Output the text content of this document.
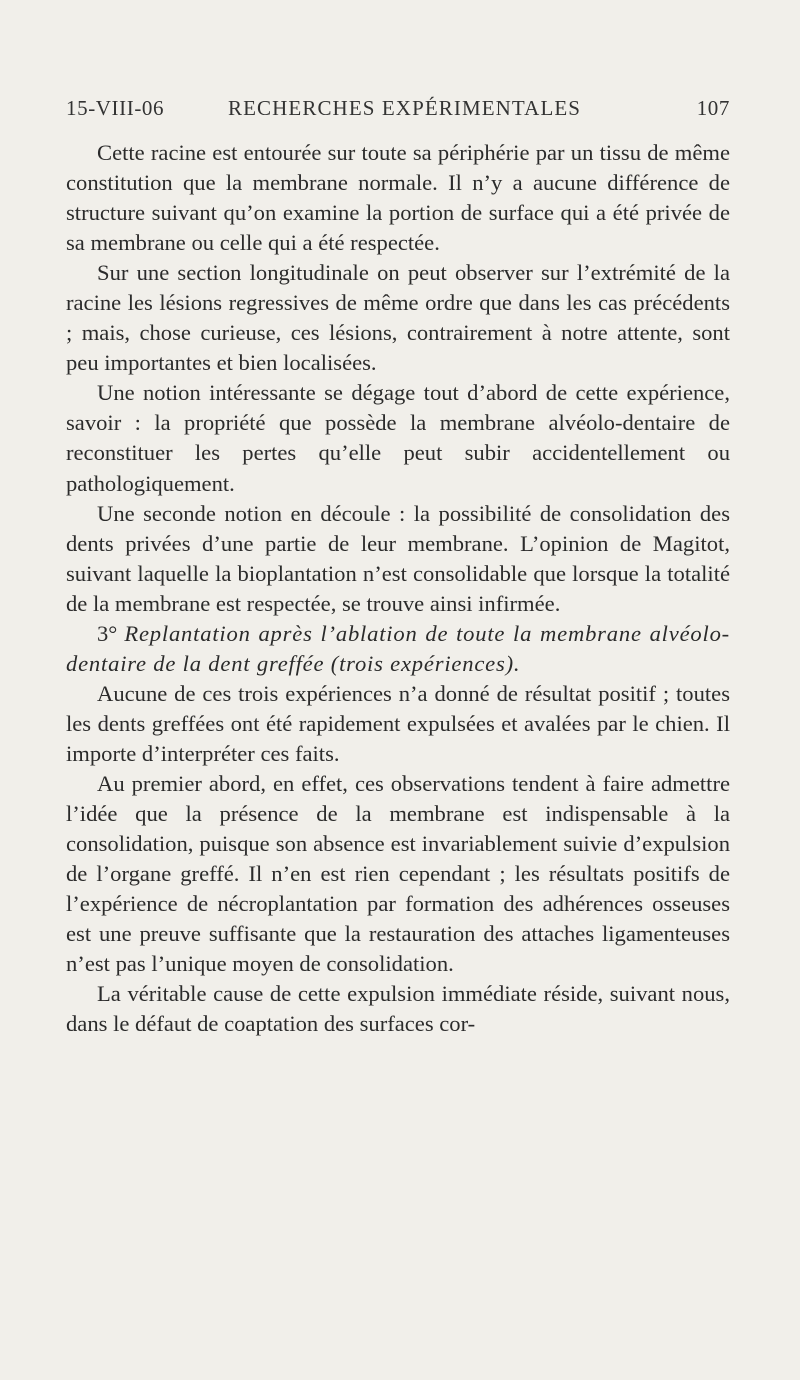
15-VIII-06	RECHERCHES EXPÉRIMENTALES	107

Cette racine est entourée sur toute sa périphérie par un tissu de même constitution que la membrane normale. Il n’y a aucune différence de structure suivant qu’on examine la portion de surface qui a été privée de sa membrane ou celle qui a été respectée.

Sur une section longitudinale on peut observer sur l’extrémité de la racine les lésions regressives de même ordre que dans les cas précédents ; mais, chose curieuse, ces lésions, contrairement à notre attente, sont peu importantes et bien localisées.

Une notion intéressante se dégage tout d’abord de cette expérience, savoir : la propriété que possède la membrane alvéolo-dentaire de reconstituer les pertes qu’elle peut subir accidentellement ou pathologiquement.

Une seconde notion en découle : la possibilité de consolidation des dents privées d’une partie de leur membrane. L’opinion de Magitot, suivant laquelle la bioplantation n’est consolidable que lorsque la totalité de la membrane est respectée, se trouve ainsi infirmée.

3° Replantation après l’ablation de toute la membrane alvéolo-dentaire de la dent greffée (trois expériences).

Aucune de ces trois expériences n’a donné de résultat positif ; toutes les dents greffées ont été rapidement expulsées et avalées par le chien. Il importe d’interpréter ces faits.

Au premier abord, en effet, ces observations tendent à faire admettre l’idée que la présence de la membrane est indispensable à la consolidation, puisque son absence est invariablement suivie d’expulsion de l’organe greffé. Il n’en est rien cependant ; les résultats positifs de l’expérience de nécroplantation par formation des adhérences osseuses est une preuve suffisante que la restauration des attaches ligamenteuses n’est pas l’unique moyen de consolidation.

La véritable cause de cette expulsion immédiate réside, suivant nous, dans le défaut de coaptation des surfaces cor-
